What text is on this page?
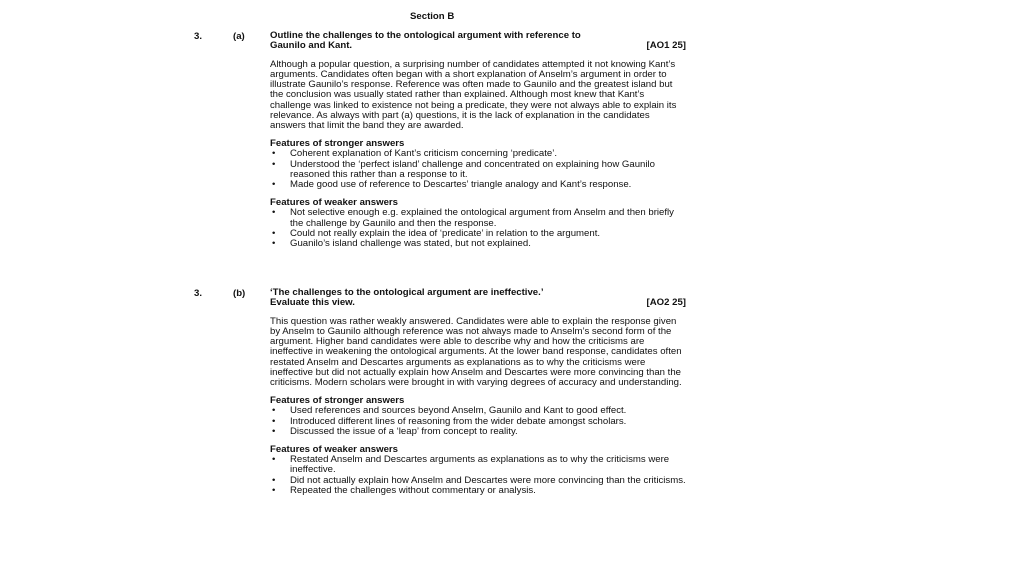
Section B
3.	(a)	Outline the challenges to the ontological argument with reference to
Gaunilo and Kant.	[AO1 25]
Although a popular question, a surprising number of candidates attempted it not knowing Kant’s arguments. Candidates often began with a short explanation of Anselm’s argument in order to illustrate Gaunilo’s response. Reference was often made to Gaunilo and the greatest island but the conclusion was usually stated rather than explained. Although most knew that Kant’s challenge was linked to existence not being a predicate, they were not always able to explain its relevance. As always with part (a) questions, it is the lack of explanation in the candidates answers that limit the band they are awarded.
Features of stronger answers
• Coherent explanation of Kant’s criticism concerning ‘predicate’.
• Understood the ‘perfect island’ challenge and concentrated on explaining how Gaunilo reasoned this rather than a response to it.
• Made good use of reference to Descartes’ triangle analogy and Kant’s response.
Features of weaker answers
• Not selective enough e.g. explained the ontological argument from Anselm and then briefly the challenge by Gaunilo and then the response.
• Could not really explain the idea of ‘predicate’ in relation to the argument.
• Guanilo’s island challenge was stated, but not explained.
3.	(b)	‘The challenges to the ontological argument are ineffective.’
Evaluate this view.	[AO2 25]
This question was rather weakly answered. Candidates were able to explain the response given by Anselm to Gaunilo although reference was not always made to Anselm’s second form of the argument. Higher band candidates were able to describe why and how the criticisms are ineffective in weakening the ontological arguments. At the lower band response, candidates often restated Anselm and Descartes arguments as explanations as to why the criticisms were ineffective but did not actually explain how Anselm and Descartes were more convincing than the criticisms. Modern scholars were brought in with varying degrees of accuracy and understanding.
Features of stronger answers
• Used references and sources beyond Anselm, Gaunilo and Kant to good effect.
• Introduced different lines of reasoning from the wider debate amongst scholars.
• Discussed the issue of a ‘leap’ from concept to reality.
Features of weaker answers
• Restated Anselm and Descartes arguments as explanations as to why the criticisms were ineffective.
• Did not actually explain how Anselm and Descartes were more convincing than the criticisms.
• Repeated the challenges without commentary or analysis.
